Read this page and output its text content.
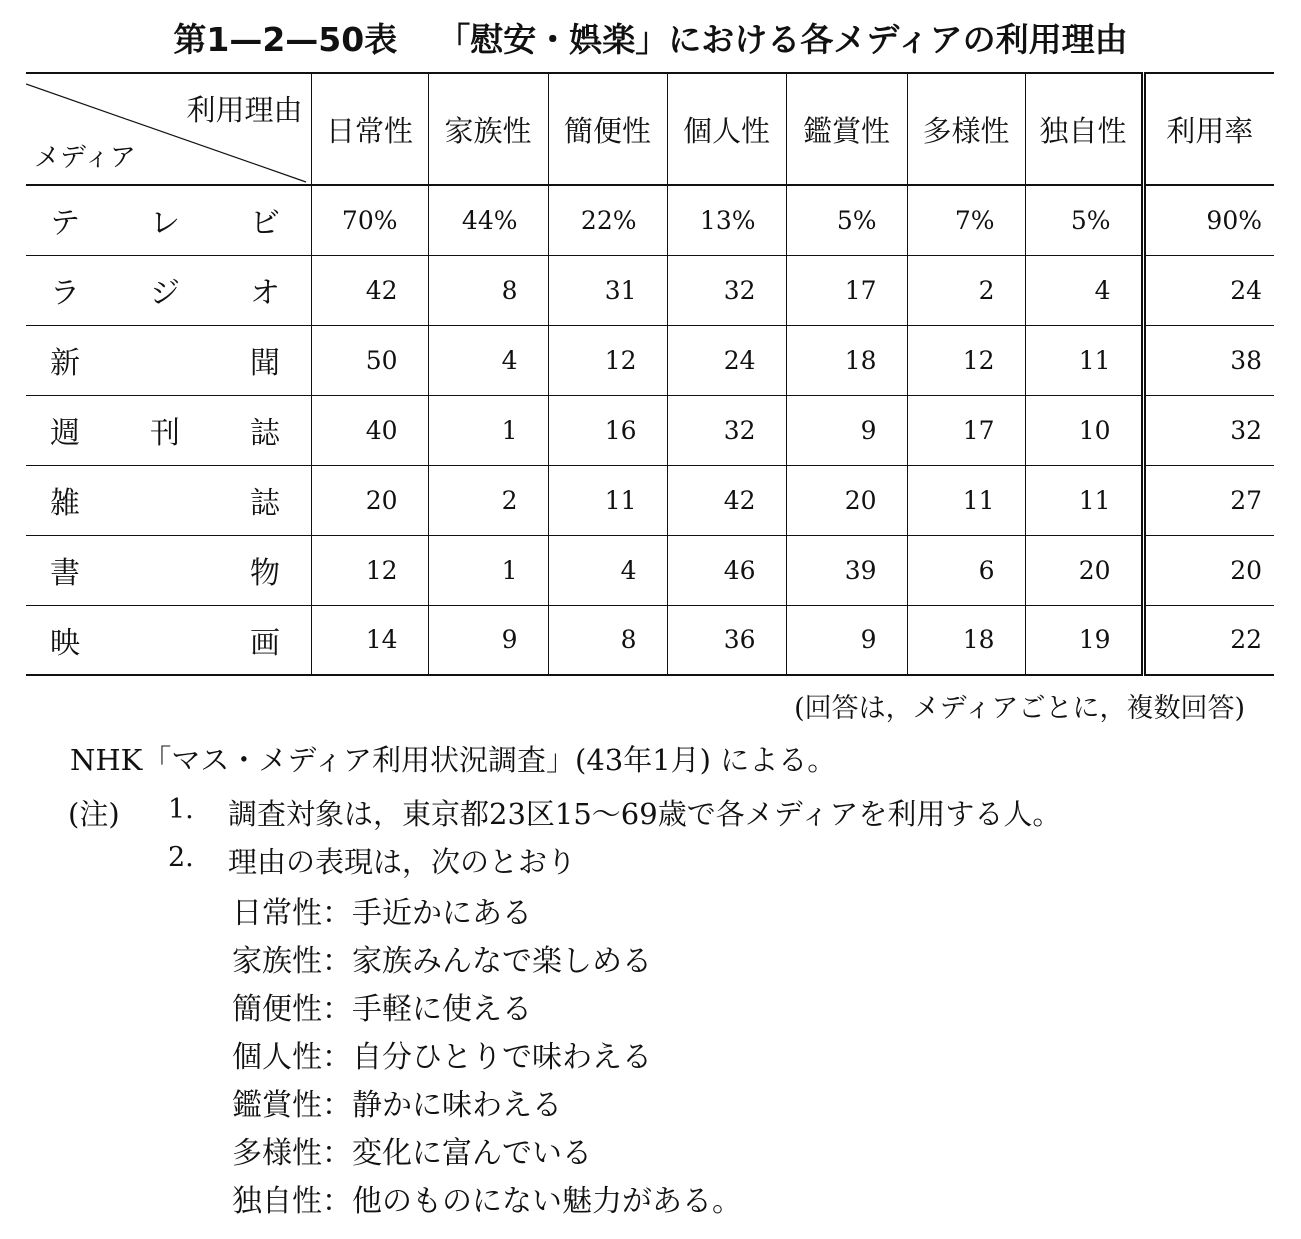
第1—2—50表 「慰安・娯楽」における各メディアの利用理由
利用理由
メディア	日常性	家族性	簡便性	個人性	鑑賞性	多様性	独自性	利用率

テ レ ビ	70%	44%	22%	13%	5%	7%	5%	90%

ラ ジ オ	42	8	31	32	17	2	4	24

新 聞	50	4	12	24	18	12	11	38

週 刊 誌	40	1	16	32	9	17	10	32

雑 誌	20	2	11	42	20	11	11	27

書 物	12	1	4	46	39	6	20	20

映 画	14	9	8	36	9	18	19	22
(回答は，メディアごとに，複数回答)
NHK「マス・メディア利用状況調査」(43年1月) による。
(注) 1. 調査対象は，東京都23区15～69歳で各メディアを利用する人。
2. 理由の表現は，次のとおり
日常性：手近かにある
家族性：家族みんなで楽しめる
簡便性：手軽に使える
個人性：自分ひとりで味わえる
鑑賞性：静かに味わえる
多様性：変化に富んでいる
独自性：他のものにない魅力がある。
